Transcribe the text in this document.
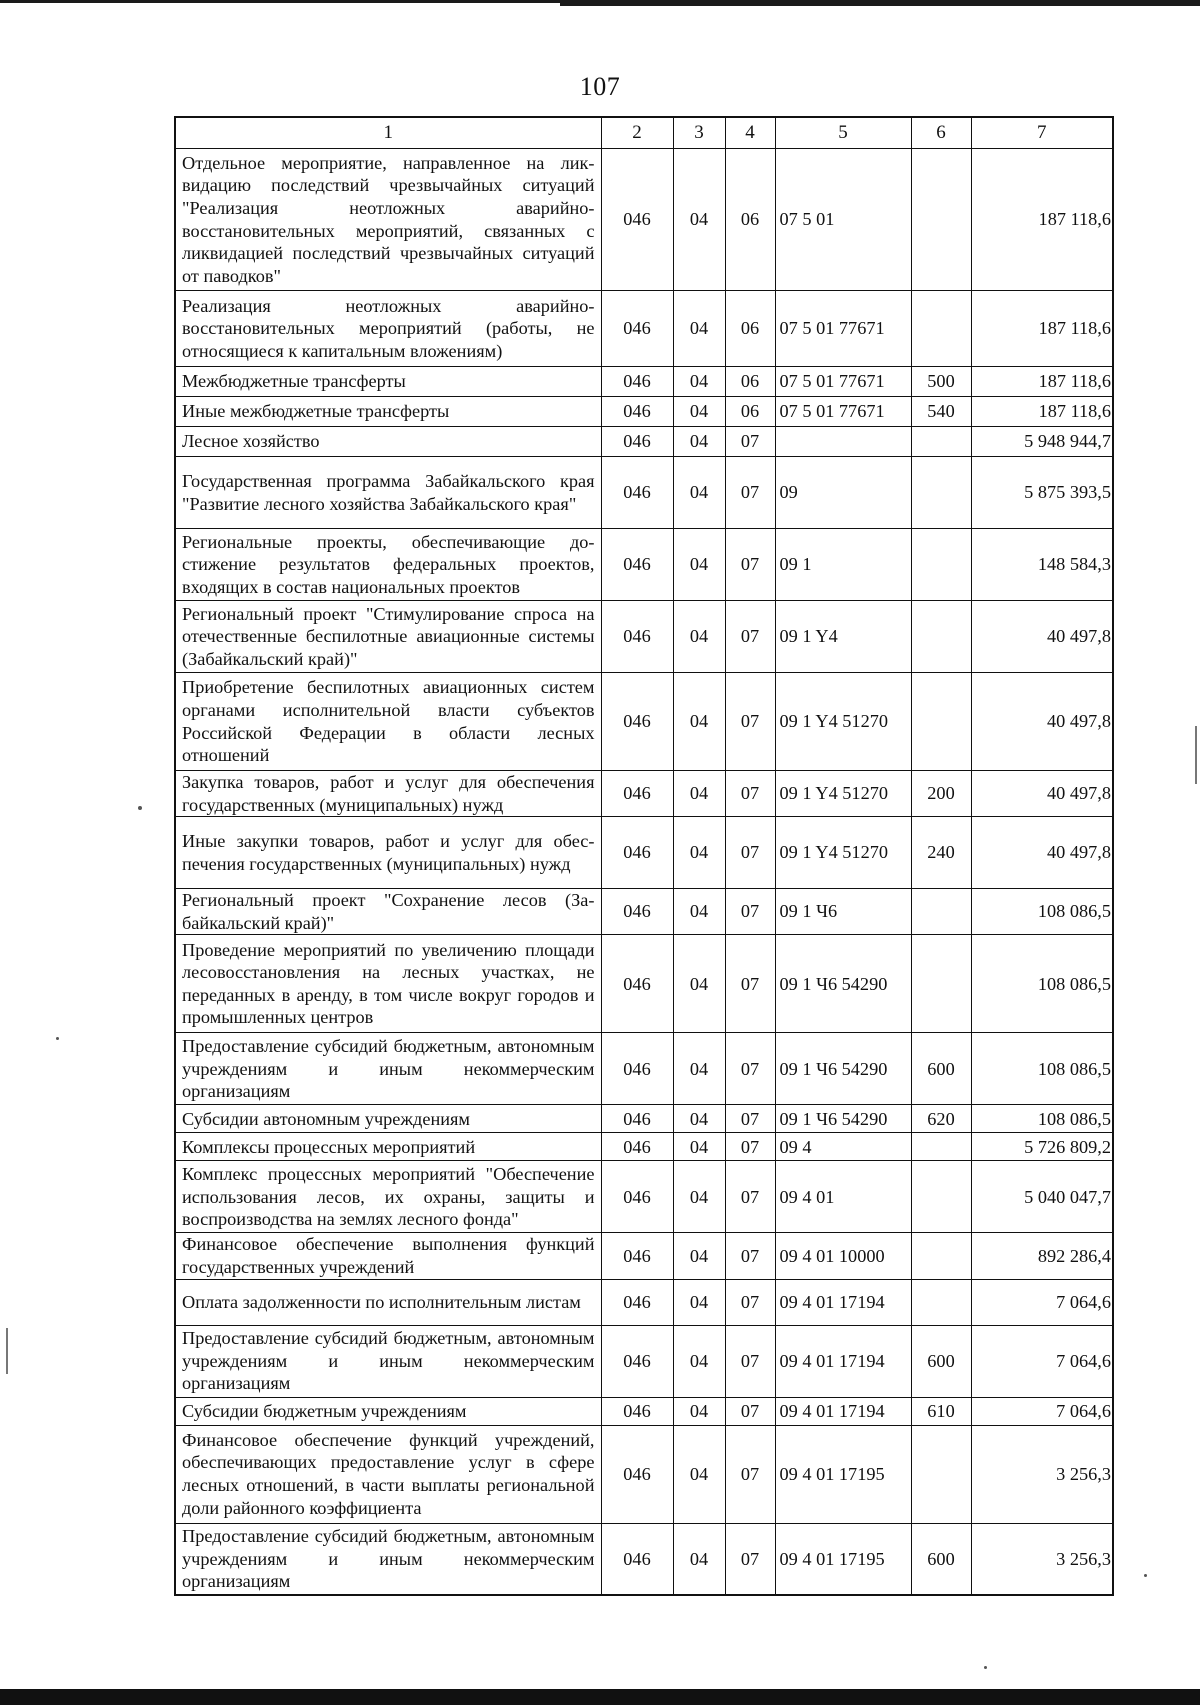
107
1	2	3	4	5	6	7
Отдельное мероприятие, направленное на ликвидацию последствий чрезвычайных ситуаций "Реализация неотложных аварийно-восстановительных мероприятий, связанных с ликвидацией последствий чрезвычайных ситуаций от паводков"	046	04	06	07 5 01		187 118,6
Реализация неотложных аварийно-восстановительных мероприятий (работы, не относящиеся к капитальным вложениям)	046	04	06	07 5 01 77671		187 118,6
Межбюджетные трансферты	046	04	06	07 5 01 77671	500	187 118,6
Иные межбюджетные трансферты	046	04	06	07 5 01 77671	540	187 118,6
Лесное хозяйство	046	04	07			5 948 944,7
Государственная программа Забайкальского края "Развитие лесного хозяйства Забайкальского края"	046	04	07	09		5 875 393,5
Региональные проекты, обеспечивающие достижение результатов федеральных проектов, входящих в состав национальных проектов	046	04	07	09 1		148 584,3
Региональный проект "Стимулирование спроса на отечественные беспилотные авиационные системы (Забайкальский край)"	046	04	07	09 1 Y4		40 497,8
Приобретение беспилотных авиационных систем органами исполнительной власти субъектов Российской Федерации в области лесных отношений	046	04	07	09 1 Y4 51270		40 497,8
Закупка товаров, работ и услуг для обеспечения государственных (муниципальных) нужд	046	04	07	09 1 Y4 51270	200	40 497,8
Иные закупки товаров, работ и услуг для обеспечения государственных (муниципальных) нужд	046	04	07	09 1 Y4 51270	240	40 497,8
Региональный проект "Сохранение лесов (Забайкальский край)"	046	04	07	09 1 Ч6		108 086,5
Проведение мероприятий по увеличению площади лесовосстановления на лесных участках, не переданных в аренду, в том числе вокруг городов и промышленных центров	046	04	07	09 1 Ч6 54290		108 086,5
Предоставление субсидий бюджетным, автономным учреждениям и иным некоммерческим организациям	046	04	07	09 1 Ч6 54290	600	108 086,5
Субсидии автономным учреждениям	046	04	07	09 1 Ч6 54290	620	108 086,5
Комплексы процессных мероприятий	046	04	07	09 4		5 726 809,2
Комплекс процессных мероприятий "Обеспечение использования лесов, их охраны, защиты и воспроизводства на землях лесного фонда"	046	04	07	09 4 01		5 040 047,7
Финансовое обеспечение выполнения функций государственных учреждений	046	04	07	09 4 01 10000		892 286,4
Оплата задолженности по исполнительным листам	046	04	07	09 4 01 17194		7 064,6
Предоставление субсидий бюджетным, автономным учреждениям и иным некоммерческим организациям	046	04	07	09 4 01 17194	600	7 064,6
Субсидии бюджетным учреждениям	046	04	07	09 4 01 17194	610	7 064,6
Финансовое обеспечение функций учреждений, обеспечивающих предоставление услуг в сфере лесных отношений, в части выплаты региональной доли районного коэффициента	046	04	07	09 4 01 17195		3 256,3
Предоставление субсидий бюджетным, автономным учреждениям и иным некоммерческим организациям	046	04	07	09 4 01 17195	600	3 256,3
